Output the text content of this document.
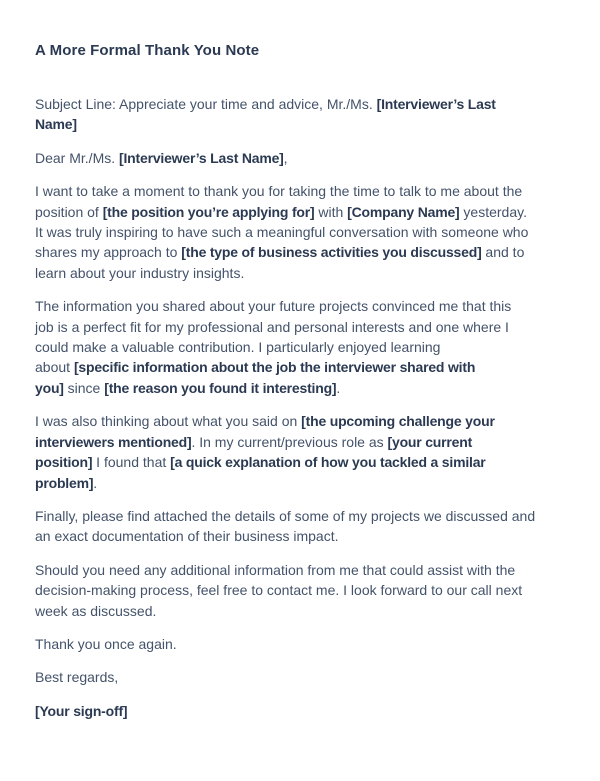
A More Formal Thank You Note
Subject Line: Appreciate your time and advice, Mr./Ms. [Interviewer’s Last
Name]
Dear Mr./Ms. [Interviewer’s Last Name],
I want to take a moment to thank you for taking the time to talk to me about the
position of [the position you’re applying for] with [Company Name] yesterday.
It was truly inspiring to have such a meaningful conversation with someone who
shares my approach to [the type of business activities you discussed] and to
learn about your industry insights.
The information you shared about your future projects convinced me that this
job is a perfect fit for my professional and personal interests and one where I
could make a valuable contribution. I particularly enjoyed learning
about [specific information about the job the interviewer shared with
you] since [the reason you found it interesting].
I was also thinking about what you said on [the upcoming challenge your
interviewers mentioned]. In my current/previous role as [your current
position] I found that [a quick explanation of how you tackled a similar
problem].
Finally, please find attached the details of some of my projects we discussed and
an exact documentation of their business impact.
Should you need any additional information from me that could assist with the
decision-making process, feel free to contact me. I look forward to our call next
week as discussed.
Thank you once again.
Best regards,
[Your sign-off]
